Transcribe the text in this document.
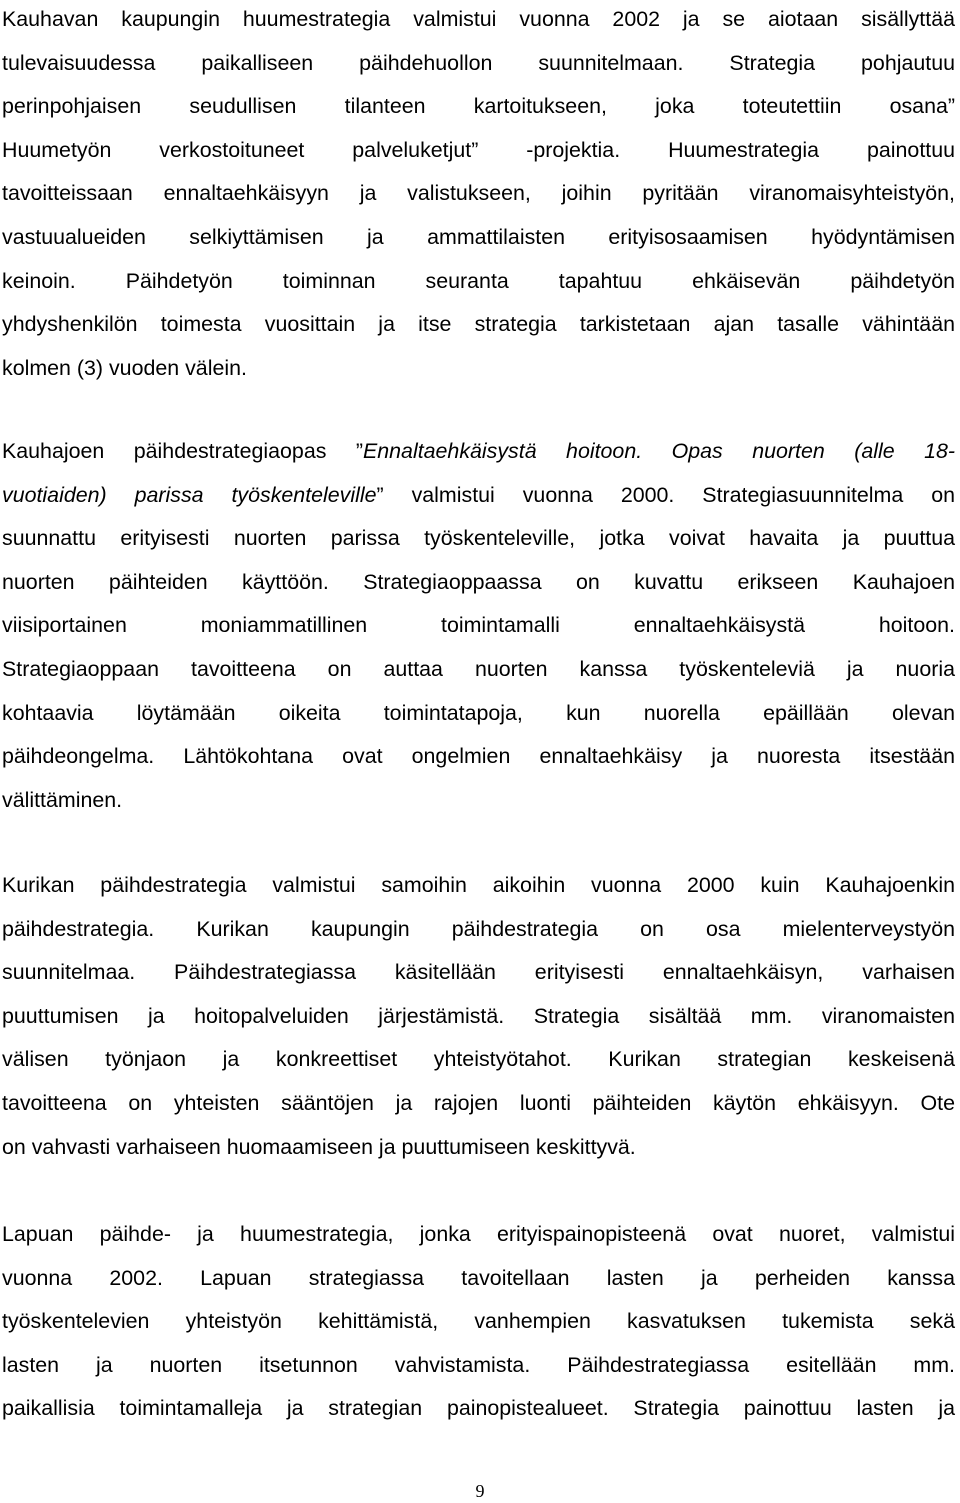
Kauhavan kaupungin huumestrategia valmistui vuonna 2002 ja se aiotaan sisällyttää
tulevaisuudessa paikalliseen päihdehuollon suunnitelmaan. Strategia pohjautuu
perinpohjaisen seudullisen tilanteen kartoitukseen, joka toteutettiin osana”
Huumetyön verkostoituneet palveluketjut” -projektia. Huumestrategia painottuu
tavoitteissaan ennaltaehkäisyyn ja valistukseen, joihin pyritään viranomaisyhteistyön,
vastuualueiden selkiyttämisen ja ammattilaisten erityisosaamisen hyödyntämisen
keinoin. Päihdetyön toiminnan seuranta tapahtuu ehkäisevän päihdetyön
yhdyshenkilön toimesta vuosittain ja itse strategia tarkistetaan ajan tasalle vähintään
kolmen (3) vuoden välein.
Kauhajoen päihdestrategiaopas ”Ennaltaehkäisystä hoitoon. Opas nuorten (alle 18-
vuotiaiden) parissa työskenteleville” valmistui vuonna 2000. Strategiasuunnitelma on
suunnattu erityisesti nuorten parissa työskenteleville, jotka voivat havaita ja puuttua
nuorten päihteiden käyttöön. Strategiaoppaassa on kuvattu erikseen Kauhajoen
viisiportainen moniammatillinen toimintamalli ennaltaehkäisystä hoitoon.
Strategiaoppaan tavoitteena on auttaa nuorten kanssa työskenteleviä ja nuoria
kohtaavia löytämään oikeita toimintatapoja, kun nuorella epäillään olevan
päihdeongelma. Lähtökohtana ovat ongelmien ennaltaehkäisy ja nuoresta itsestään
välittäminen.
Kurikan päihdestrategia valmistui samoihin aikoihin vuonna 2000 kuin Kauhajoenkin
päihdestrategia. Kurikan kaupungin päihdestrategia on osa mielenterveystyön
suunnitelmaa. Päihdestrategiassa käsitellään erityisesti ennaltaehkäisyn, varhaisen
puuttumisen ja hoitopalveluiden järjestämistä. Strategia sisältää mm. viranomaisten
välisen työnjaon ja konkreettiset yhteistyötahot. Kurikan strategian keskeisenä
tavoitteena on yhteisten sääntöjen ja rajojen luonti päihteiden käytön ehkäisyyn. Ote
on vahvasti varhaiseen huomaamiseen ja puuttumiseen keskittyvä.
Lapuan päihde- ja huumestrategia, jonka erityispainopisteenä ovat nuoret, valmistui
vuonna 2002. Lapuan strategiassa tavoitellaan lasten ja perheiden kanssa
työskentelevien yhteistyön kehittämistä, vanhempien kasvatuksen tukemista sekä
lasten ja nuorten itsetunnon vahvistamista. Päihdestrategiassa esitellään mm.
paikallisia toimintamalleja ja strategian painopistealueet. Strategia painottuu lasten ja
9
